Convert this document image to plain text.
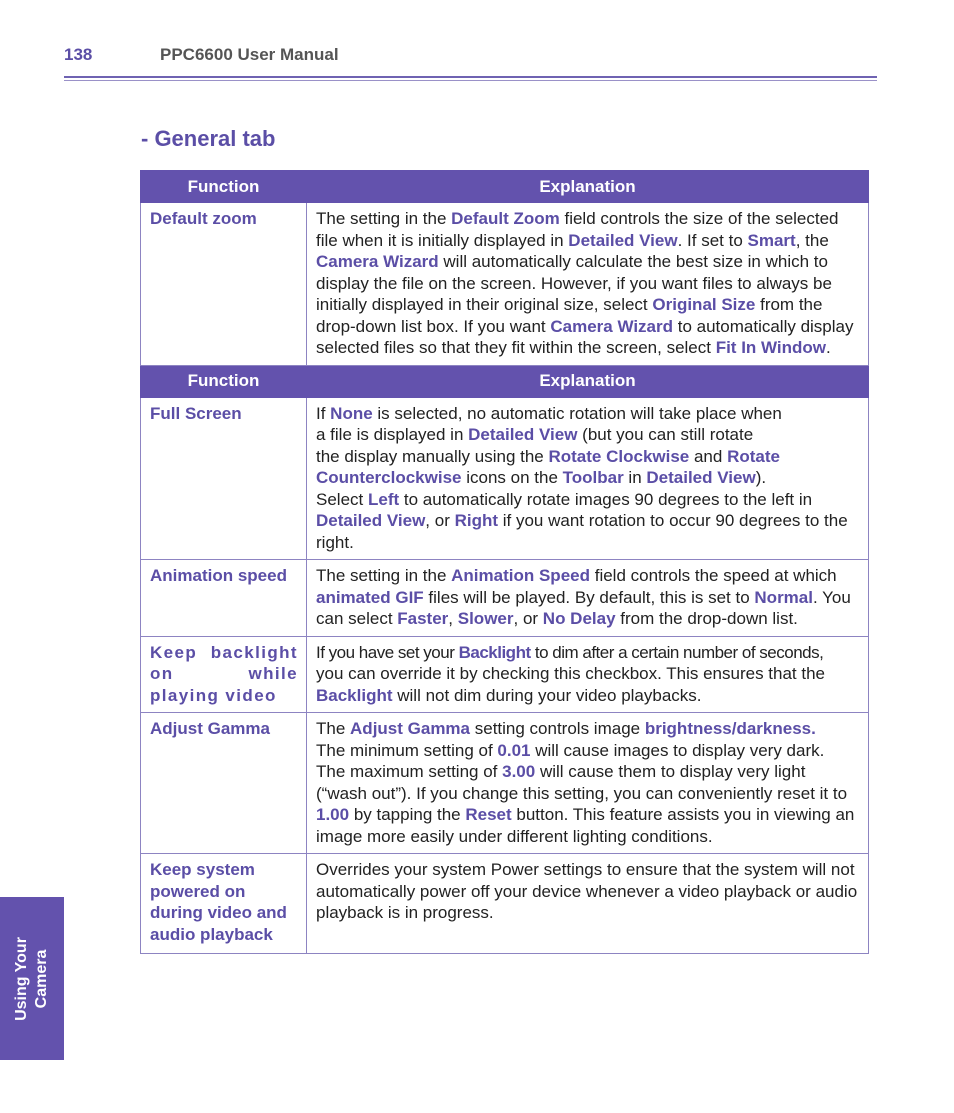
138	PPC6600 User Manual
- General tab
Function	Explanation
Default zoom	The setting in the Default Zoom field controls the size of the selected file when it is initially displayed in Detailed View. If set to Smart, the Camera Wizard will automatically calculate the best size in which to display the file on the screen. However, if you want files to always be initially displayed in their original size, select Original Size from the drop-down list box. If you want Camera Wizard to automatically display selected files so that they fit within the screen, select Fit In Window.
Function	Explanation
Full Screen	If None is selected, no automatic rotation will take place when
a file is displayed in Detailed View (but you can still rotate
the display manually using the Rotate Clockwise and Rotate Counterclockwise icons on the Toolbar in Detailed View).
Select Left to automatically rotate images 90 degrees to the left in Detailed View, or Right if you want rotation to occur 90 degrees to the right.
Animation speed	The setting in the Animation Speed field controls the speed at which animated GIF files will be played. By default, this is set to Normal. You can select Faster, Slower, or No Delay from the drop-down list.
Keep backlight on while playing video	If you have set your Backlight to dim after a certain number of seconds,
you can override it by checking this checkbox. This ensures that the Backlight will not dim during your video playbacks.
Adjust Gamma	The Adjust Gamma setting controls image brightness/darkness.
The minimum setting of 0.01 will cause images to display very dark.
The maximum setting of 3.00 will cause them to display very light (“wash out”). If you change this setting, you can conveniently reset it to 1.00 by tapping the Reset button. This feature assists you in viewing an image more easily under different lighting conditions.
Keep system powered on during video and audio playback	Overrides your system Power settings to ensure that the system will not automatically power off your device whenever a video playback or audio playback is in progress.
Using Your Camera
